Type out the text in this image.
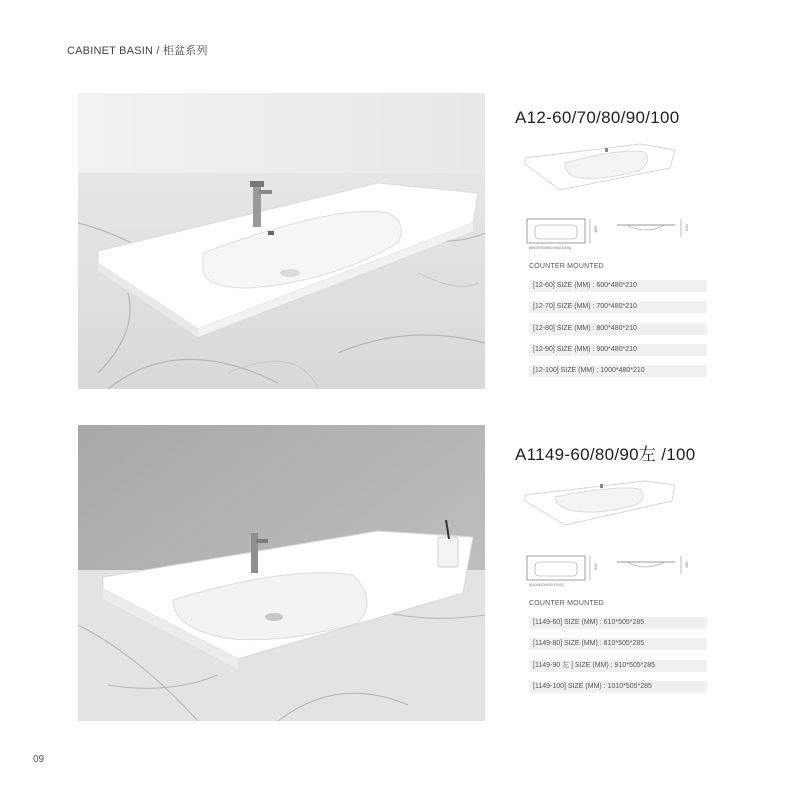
CABINET BASIN / 柜盆系列
A12-60/70/80/90/100
[600/700/800/900/1000]
480	210
COUNTER MOUNTED
[12-60] SIZE (MM) : 600*480*210
[12-70] SIZE (MM) : 700*480*210
[12-80] SIZE (MM) : 800*480*210
[12-90] SIZE (MM) : 900*480*210
[12-100] SIZE (MM) : 1000*480*210
A1149-60/80/90左 /100
[610/810/910/1010]
505	285
COUNTER MOUNTED
[1149-60] SIZE (MM) : 610*505*285
[1149-80] SIZE (MM) : 810*505*285
[1149-90 左 ] SIZE (MM) : 910*505*285
[1149-100] SIZE (MM) : 1010*505*285
09
